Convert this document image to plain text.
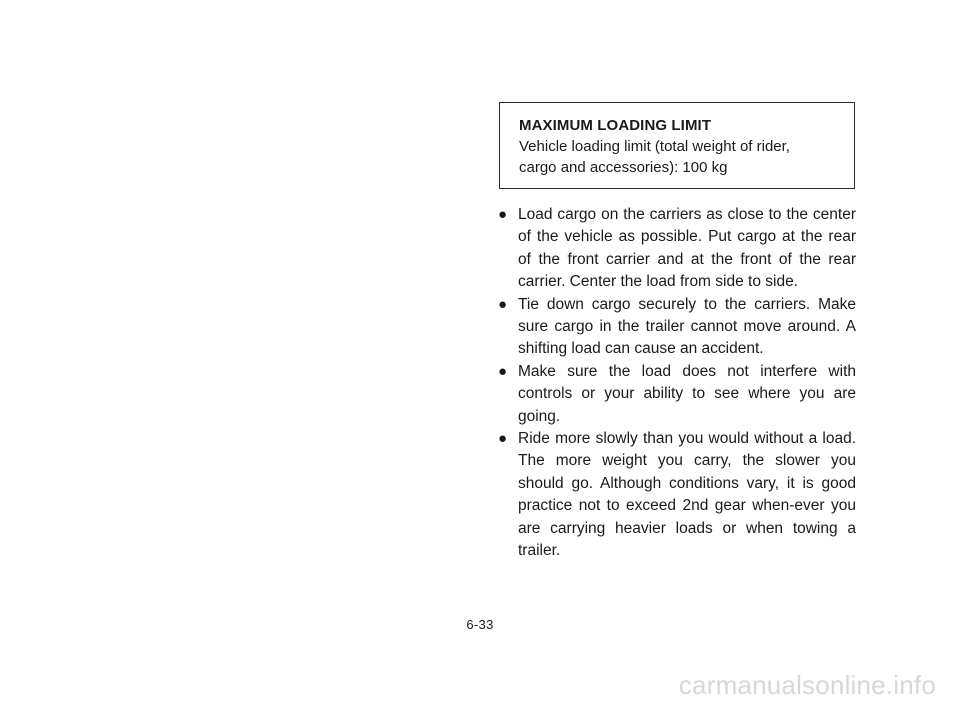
MAXIMUM LOADING LIMIT
Vehicle loading limit (total weight of rider,
cargo and accessories): 100 kg
● Load cargo on the carriers as close to the center of the vehicle as possible. Put cargo at the rear of the front carrier and at the front of the rear carrier. Center the load from side to side.
● Tie down cargo securely to the carriers. Make sure cargo in the trailer cannot move around. A shifting load can cause an accident.
● Make sure the load does not interfere with controls or your ability to see where you are going.
● Ride more slowly than you would without a load. The more weight you carry, the slower you should go. Although conditions vary, it is good practice not to exceed 2nd gear when-ever you are carrying heavier loads or when towing a trailer.
6-33
carmanualsonline.info
